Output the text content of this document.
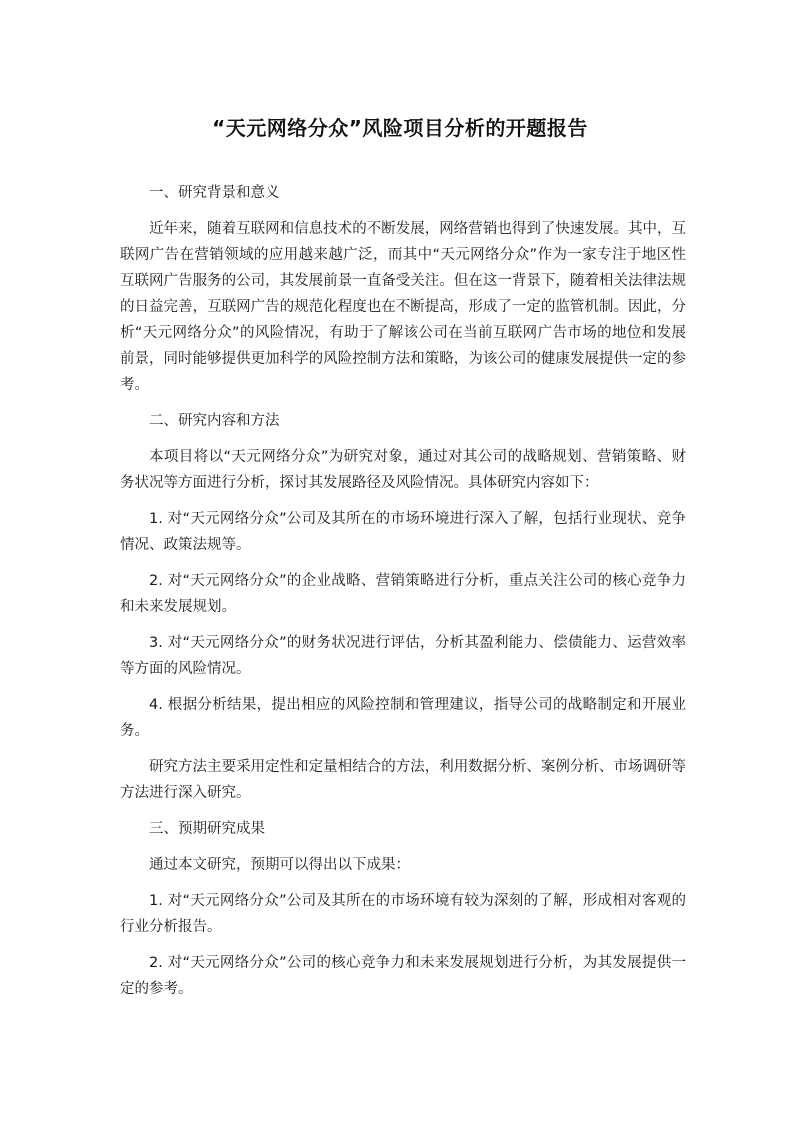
“天元网络分众”风险项目分析的开题报告

一、研究背景和意义

近年来，随着互联网和信息技术的不断发展，网络营销也得到了快速发展。其中，互联网广告在营销领域的应用越来越广泛，而其中“天元网络分众”作为一家专注于地区性互联网广告服务的公司，其发展前景一直备受关注。但在这一背景下，随着相关法律法规的日益完善，互联网广告的规范化程度也在不断提高，形成了一定的监管机制。因此，分析“天元网络分众”的风险情况，有助于了解该公司在当前互联网广告市场的地位和发展前景，同时能够提供更加科学的风险控制方法和策略，为该公司的健康发展提供一定的参考。

二、研究内容和方法

本项目将以“天元网络分众”为研究对象，通过对其公司的战略规划、营销策略、财务状况等方面进行分析，探讨其发展路径及风险情况。具体研究内容如下：

1. 对“天元网络分众”公司及其所在的市场环境进行深入了解，包括行业现状、竞争情况、政策法规等。

2. 对“天元网络分众”的企业战略、营销策略进行分析，重点关注公司的核心竞争力和未来发展规划。

3. 对“天元网络分众”的财务状况进行评估，分析其盈利能力、偿债能力、运营效率等方面的风险情况。

4. 根据分析结果，提出相应的风险控制和管理建议，指导公司的战略制定和开展业务。

研究方法主要采用定性和定量相结合的方法，利用数据分析、案例分析、市场调研等方法进行深入研究。

三、预期研究成果

通过本文研究，预期可以得出以下成果：

1. 对“天元网络分众”公司及其所在的市场环境有较为深刻的了解，形成相对客观的行业分析报告。

2. 对“天元网络分众”公司的核心竞争力和未来发展规划进行分析，为其发展提供一定的参考。
